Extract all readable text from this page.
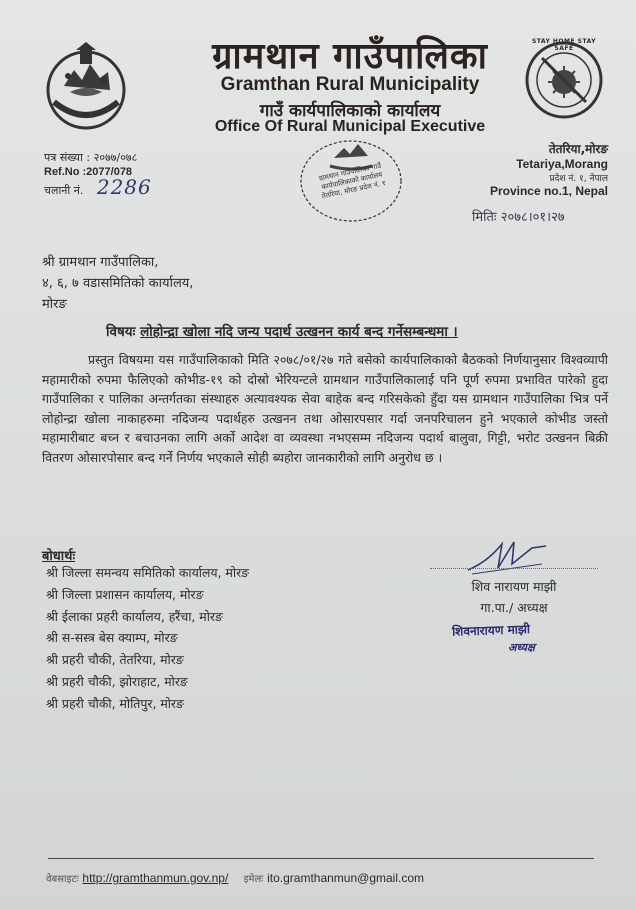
STAY HOME STAY SAFE
ग्रामथान गाउँपालिका
Gramthan Rural Municipality
गाउँ कार्यपालिकाको कार्यालय
Office Of Rural Municipal Executive
पत्र संख्या : २०७७/०७८
Ref.No :2077/078
चलानी नं. 2286
ग्रामथान गाउँपालिका गाउँ कार्यपालिकाको कार्यालय तेतरिया, मोरङ प्रदेश नं. १
तेतरिया,मोरङ
Tetariya,Morang
प्रदेश नं. १, नेपाल
Province no.1, Nepal
मितिः २०७८।०१।२७
श्री ग्रामथान गाउँपालिका,
४, ६, ७ वडासमितिको कार्यालय,
मोरङ
विषयः लोहोन्द्रा खोला नदि जन्य पदार्थ उत्खनन कार्य बन्द गर्नेसम्बन्धमा ।
प्रस्तुत विषयमा यस गाउँपालिकाको मिति २०७८/०१/२७ गते बसेको कार्यपालिकाको बैठकको निर्णयानुसार विश्वव्यापी महामारीको रुपमा फैलिएको कोभीड-१९ को दोस्रो भेरियन्टले ग्रामथान गाउँपालिकालाई पनि पूर्ण रुपमा प्रभावित पारेको हुदा गाउँपालिका र पालिका अन्तर्गतका संस्थाहरु अत्यावश्यक सेवा बाहेक बन्द गरिसकेको हुँदा यस ग्रामथान गाउँपालिका भित्र पर्ने लोहोन्द्रा खोला नाकाहरुमा नदिजन्य पदार्थहरु उत्खनन तथा ओसारपसार गर्दा जनपरिचालन हुने भएकाले कोभीड जस्तो महामारीबाट बच्न र बचाउनका लागि अर्को आदेश वा व्यवस्था नभएसम्म नदिजन्य पदार्थ बालुवा, गिट्टी, भरोट उत्खनन बिक्री वितरण ओसारपोसार बन्द गर्ने निर्णय भएकाले सोही ब्यहोरा जानकारीको लागि अनुरोध छ ।
बोधार्थः
श्री जिल्ला समन्वय समितिको कार्यालय, मोरङ
श्री जिल्ला प्रशासन कार्यालय, मोरङ
श्री ईलाका प्रहरी कार्यालय, हरैंचा, मोरङ
श्री स-सस्त्र बेस क्याम्प, मोरङ
श्री प्रहरी चौकी, तेतरिया, मोरङ
श्री प्रहरी चौकी, झोराहाट, मोरङ
श्री प्रहरी चौकी, मोतिपुर, मोरङ
शिव नारायण माझी
गा.पा./ अध्यक्ष
शिवनारायण माझी
अध्यक्ष
वेबसाइटः http://gramthanmun.gov.np/ इमेलः ito.gramthanmun@gmail.com
